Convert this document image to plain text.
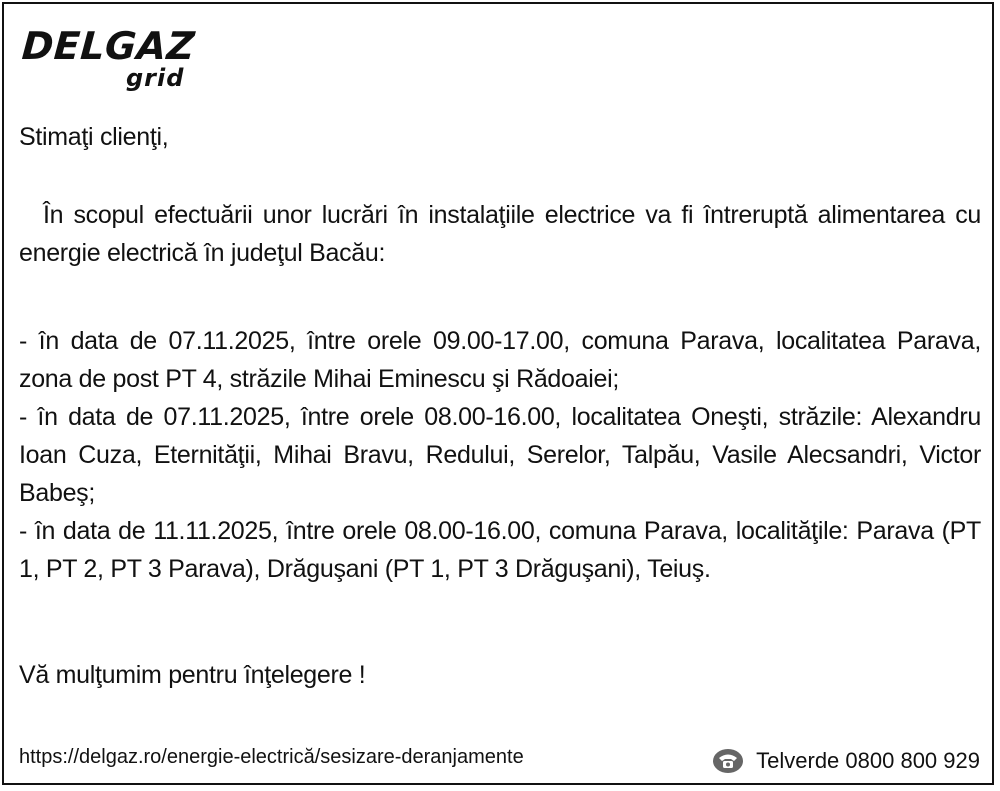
DELGAZ
grid
Stimaţi clienţi,
În scopul efectuării unor lucrări în instalaţiile electrice va fi întreruptă alimentarea cu energie electrică în judeţul Bacău:

- în data de 07.11.2025, între orele 09.00-17.00, comuna Parava, localitatea Parava, zona de post PT 4, străzile Mihai Eminescu şi Rădoaiei;

- în data de 07.11.2025, între orele 08.00-16.00, localitatea Oneşti, străzile: Alexandru Ioan Cuza, Eternităţii, Mihai Bravu, Redului, Serelor, Talpău, Vasile Alecsandri, Victor Babeş;

- în data de 11.11.2025, între orele 08.00-16.00, comuna Parava, localităţile: Parava (PT 1, PT 2, PT 3 Parava), Drăguşani (PT 1, PT 3 Drăguşani), Teiuş.

Vă mulţumim pentru înţelegere !
https://delgaz.ro/energie-electrică/sesizare-deranjamente	Telverde 0800 800 929
